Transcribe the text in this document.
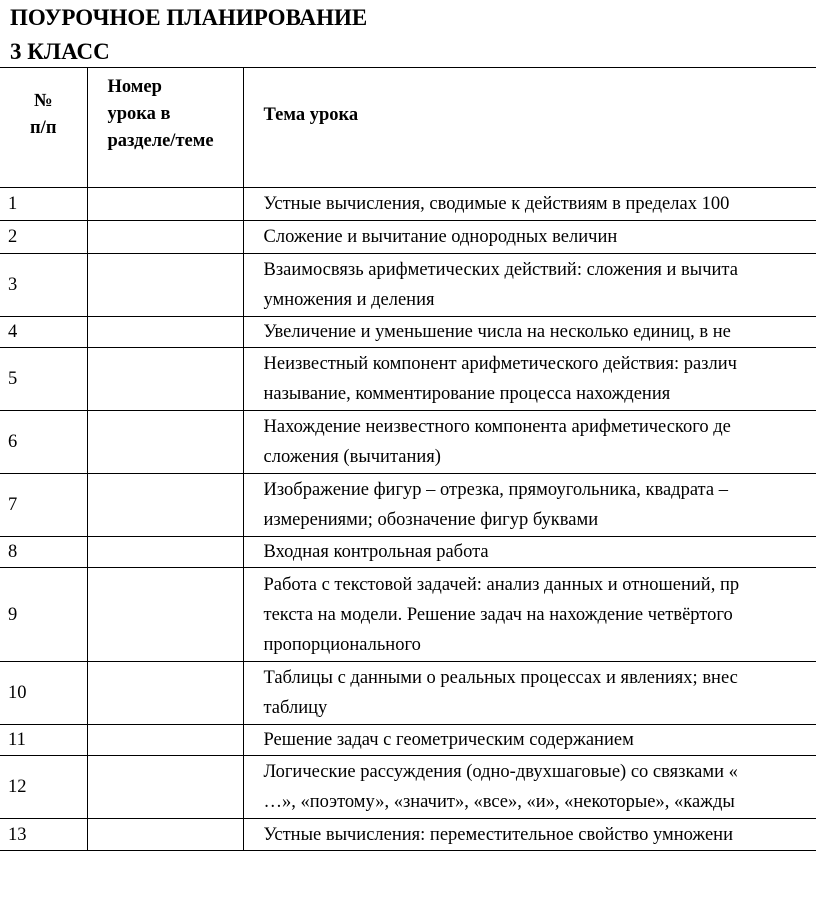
ПОУРОЧНОЕ ПЛАНИРОВАНИЕ
3 КЛАСС
№
п/п	Номер
урока в
разделе/теме	Тема урока
1		Устные вычисления, сводимые к действиям в пределах 100

2		Сложение и вычитание однородных величин

3		Взаимосвязь арифметических действий: сложения и вычита
умножения и деления

4		Увеличение и уменьшение числа на несколько единиц, в не

5		Неизвестный компонент арифметического действия: различ
называние, комментирование процесса нахождения

6		Нахождение неизвестного компонента арифметического де
сложения (вычитания)

7		Изображение фигур – отрезка, прямоугольника, квадрата –
измерениями; обозначение фигур буквами

8		Входная контрольная работа

9		Работа с текстовой задачей: анализ данных и отношений, пр
текста на модели. Решение задач на нахождение четвёртого
пропорционального

10		Таблицы с данными о реальных процессах и явлениях; внес
таблицу

11		Решение задач с геометрическим содержанием

12		Логические рассуждения (одно-двухшаговые) со связками «
…», «поэтому», «значит», «все», «и», «некоторые», «кажды

13		Устные вычисления: переместительное свойство умножени
